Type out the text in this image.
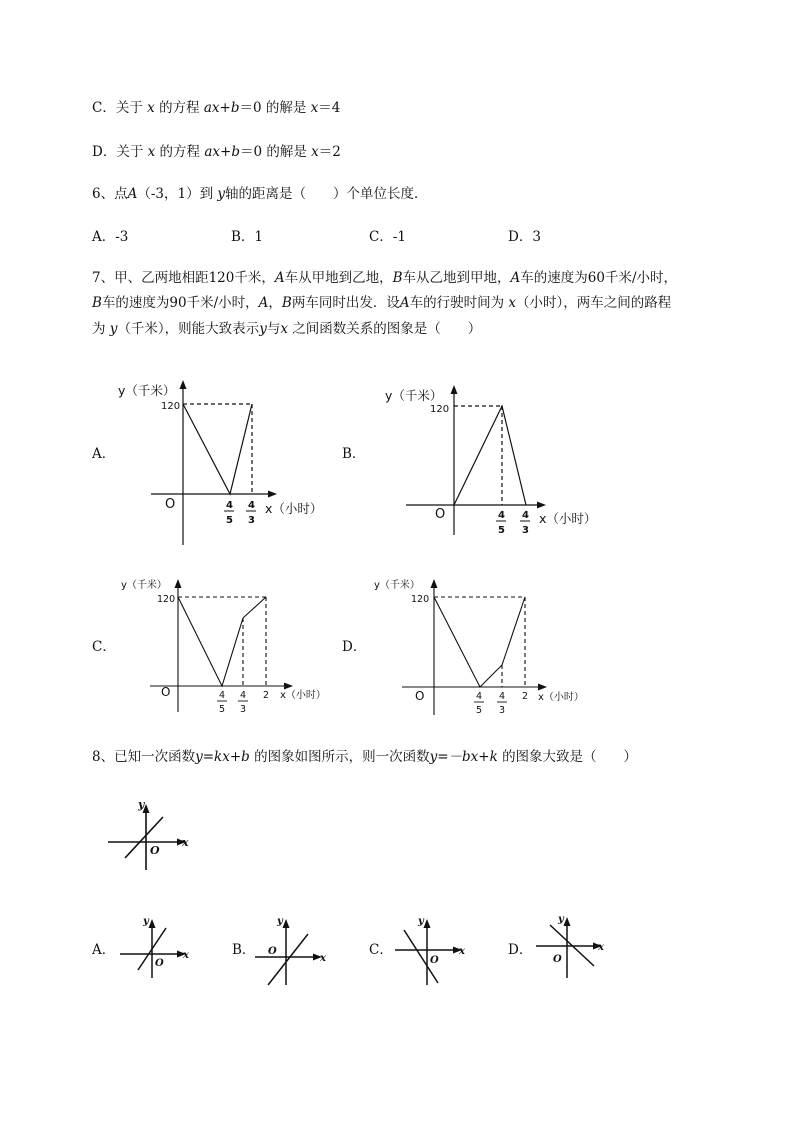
C．关于 x 的方程 ax+b＝0 的解是 x＝4
D．关于 x 的方程 ax+b＝0 的解是 x＝2
6、点A（-3，1）到 y轴的距离是（　　）个单位长度．
A．-3	B．1	C．-1	D．3
7、甲、乙两地相距120千米，A车从甲地到乙地，B车从乙地到甲地，A车的速度为60千米/小时，
B车的速度为90千米/小时，A，B两车同时出发．设A车的行驶时间为 x（小时），两车之间的路程
为 y（千米），则能大致表示y与x 之间函数关系的图象是（　　）
A．	B．
C．	D．
y（千米）
120
O	4
5
4
3
x（小时）
y（千米）
120
O	4
5
4
3
x（小时）
y（千米）
120
O	4
5
4
3
2 x（小时）
y（千米）
120
O	4
5
4
3
2 x（小时）
8、已知一次函数y=kx+b 的图象如图所示，则一次函数y=－bx+k 的图象大致是（　　）
y
x
O
A．	B．	C．	D．
y
x
O
y
x
O
y
x
O
y
x
O
